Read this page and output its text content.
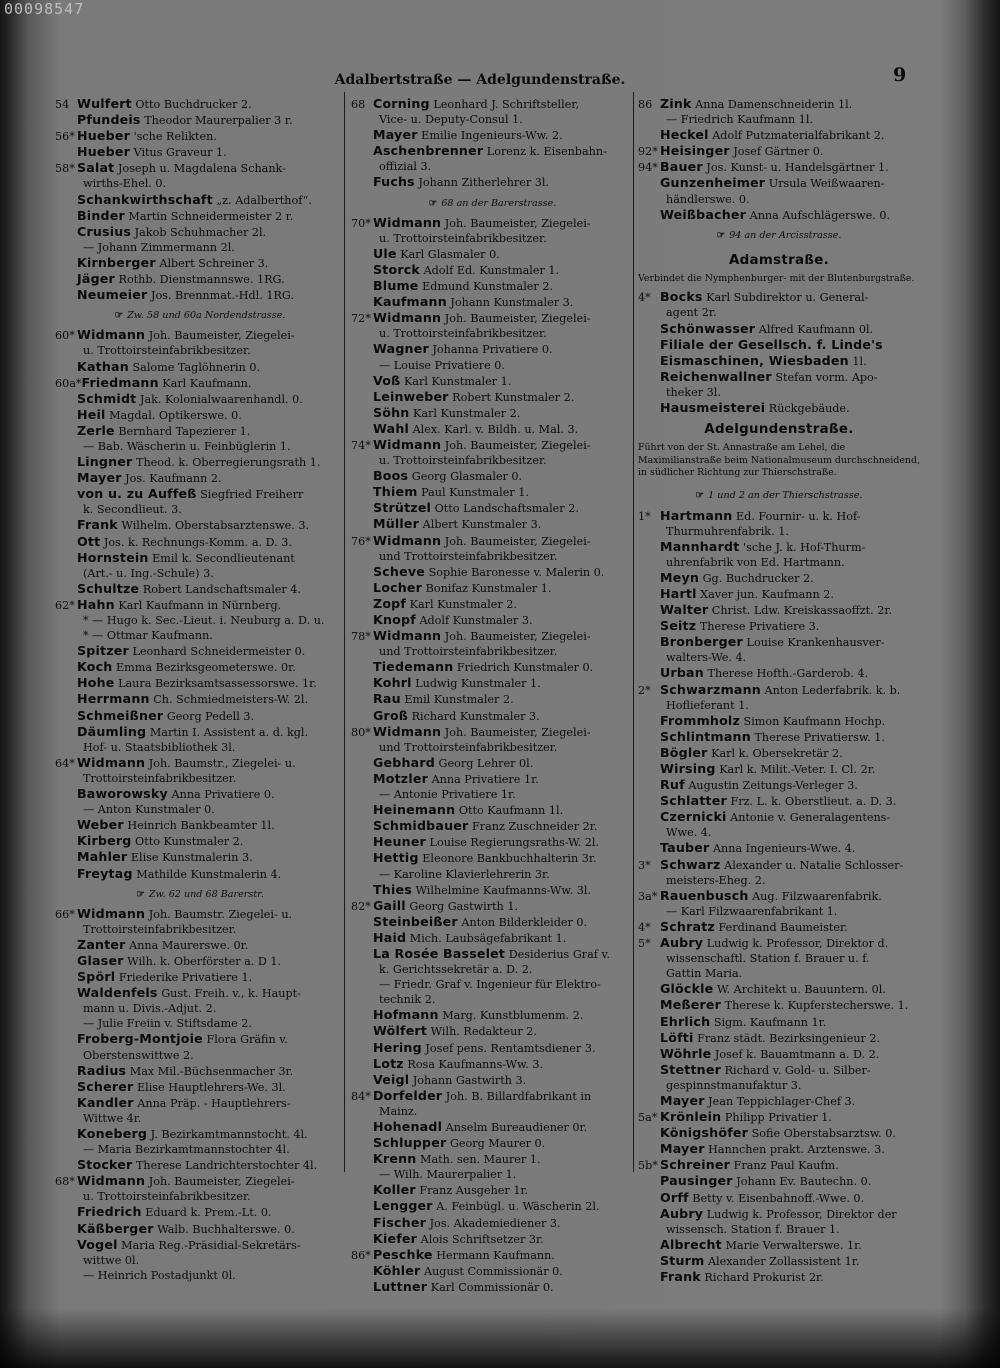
00098547
Adalbertstraße — Adelgundenstraße.	9
54 Wulfert Otto Buchdrucker 2.
Pfundeis Theodor Maurerpalier 3 r.
56* Hueber 'sche Relikten.
Hueber Vitus Graveur 1.
58* Salat Joseph u. Magdalena Schank-
wirths-Ehel. 0.
Schankwirthschaft „z. Adalberthof“.
Binder Martin Schneidermeister 2 r.
Crusius Jakob Schuhmacher 2l.
— Johann Zimmermann 2l.
Kirnberger Albert Schreiner 3.
Jäger Rothb. Dienstmannswe. 1RG.
Neumeier Jos. Brennmat.-Hdl. 1RG.
☞ Zw. 58 und 60a Nordendstrasse.
60* Widmann Joh. Baumeister, Ziegelei-
u. Trottoirsteinfabrikbesitzer.
Kathan Salome Taglöhnerin 0.
60a*Friedmann Karl Kaufmann.
Schmidt Jak. Kolonialwaarenhandl. 0.
Heil Magdal. Optikerswe. 0.
Zerle Bernhard Tapezierer 1.
— Bab. Wäscherin u. Feinbüglerin 1.
Lingner Theod. k. Oberregierungsrath 1.
Mayer Jos. Kaufmann 2.
von u. zu Auffeß Siegfried Freiherr
k. Secondlieut. 3.
Frank Wilhelm. Oberstabsarztenswe. 3.
Ott Jos. k. Rechnungs-Komm. a. D. 3.
Hornstein Emil k. Secondlieutenant
(Art.- u. Ing.-Schule) 3.
Schultze Robert Landschaftsmaler 4.
62* Hahn Karl Kaufmann in Nürnberg.
* — Hugo k. Sec.-Lieut. i. Neuburg a. D. u.
* — Ottmar Kaufmann.
Spitzer Leonhard Schneidermeister 0.
Koch Emma Bezirksgeometerswe. 0r.
Hohe Laura Bezirksamtsassessorswe. 1r.
Herrmann Ch. Schmiedmeisters-W. 2l.
Schmeißner Georg Pedell 3.
Däumling Martin I. Assistent a. d. kgl.
Hof- u. Staatsbibliothek 3l.
64* Widmann Joh. Baumstr., Ziegelei- u.
Trottoirsteinfabrikbesitzer.
Baworowsky Anna Privatiere 0.
— Anton Kunstmaler 0.
Weber Heinrich Bankbeamter 1l.
Kirberg Otto Kunstmaler 2.
Mahler Elise Kunstmalerin 3.
Freytag Mathilde Kunstmalerin 4.
☞ Zw. 62 und 68 Barerstr.
66* Widmann Joh. Baumstr. Ziegelei- u.
Trottoirsteinfabrikbesitzer.
Zanter Anna Maurerswe. 0r.
Glaser Wilh. k. Oberförster a. D 1.
Spörl Friederike Privatiere 1.
Waldenfels Gust. Freih. v., k. Haupt-
mann u. Divis.-Adjut. 2.
— Julie Freiin v. Stiftsdame 2.
Froberg-Montjoie Flora Gräfin v.
Oberstenswittwe 2.
Radius Max Mil.-Büchsenmacher 3r.
Scherer Elise Hauptlehrers-We. 3l.
Kandler Anna Präp. - Hauptlehrers-
Wittwe 4r.
Koneberg J. Bezirkamtmannstocht. 4l.
— Maria Bezirkamtmannstochter 4l.
Stocker Therese Landrichterstochter 4l.
68* Widmann Joh. Baumeister, Ziegelei-
u. Trottoirsteinfabrikbesitzer.
Friedrich Eduard k. Prem.-Lt. 0.
Käßberger Walb. Buchhalterswe. 0.
Vogel Maria Reg.-Präsidial-Sekretärs-
wittwe 0l.
— Heinrich Postadjunkt 0l.
68 Corning Leonhard J. Schriftsteller,
Vice- u. Deputy-Consul 1.
Mayer Emilie Ingenieurs-Ww. 2.
Aschenbrenner Lorenz k. Eisenbahn-
offizial 3.
Fuchs Johann Zitherlehrer 3l.
☞ 68 an der Barerstrasse.
70* Widmann Joh. Baumeister, Ziegelei-
u. Trottoirsteinfabrikbesitzer.
Ule Karl Glasmaler 0.
Storck Adolf Ed. Kunstmaler 1.
Blume Edmund Kunstmaler 2.
Kaufmann Johann Kunstmaler 3.
72* Widmann Joh. Baumeister, Ziegelei-
u. Trottoirsteinfabrikbesitzer.
Wagner Johanna Privatiere 0.
— Louise Privatiere 0.
Voß Karl Kunstmaler 1.
Leinweber Robert Kunstmaler 2.
Söhn Karl Kunstmaler 2.
Wahl Alex. Karl. v. Bildh. u. Mal. 3.
74* Widmann Joh. Baumeister, Ziegelei-
u. Trottoirsteinfabrikbesitzer.
Boos Georg Glasmaler 0.
Thiem Paul Kunstmaler 1.
Strützel Otto Landschaftsmaler 2.
Müller Albert Kunstmaler 3.
76* Widmann Joh. Baumeister, Ziegelei-
und Trottoirsteinfabrikbesitzer.
Scheve Sophie Baronesse v. Malerin 0.
Locher Bonifaz Kunstmaler 1.
Zopf Karl Kunstmaler 2.
Knopf Adolf Kunstmaler 3.
78* Widmann Joh. Baumeister, Ziegelei-
und Trottoirsteinfabrikbesitzer.
Tiedemann Friedrich Kunstmaler 0.
Kohrl Ludwig Kunstmaler 1.
Rau Emil Kunstmaler 2.
Groß Richard Kunstmaler 3.
80* Widmann Joh. Baumeister, Ziegelei-
und Trottoirsteinfabrikbesitzer.
Gebhard Georg Lehrer 0l.
Motzler Anna Privatiere 1r.
— Antonie Privatiere 1r.
Heinemann Otto Kaufmann 1l.
Schmidbauer Franz Zuschneider 2r.
Heuner Louise Regierungsraths-W. 2l.
Hettig Eleonore Bankbuchhalterin 3r.
— Karoline Klavierlehrerin 3r.
Thies Wilhelmine Kaufmanns-Ww. 3l.
82* Gaill Georg Gastwirth 1.
Steinbeißer Anton Bilderkleider 0.
Haid Mich. Laubsägefabrikant 1.
La Rosée Basselet Desiderius Graf v.
k. Gerichtssekretär a. D. 2.
— Friedr. Graf v. Ingenieur für Elektro-
technik 2.
Hofmann Marg. Kunstblumenm. 2.
Wölfert Wilh. Redakteur 2.
Hering Josef pens. Rentamtsdiener 3.
Lotz Rosa Kaufmanns-Ww. 3.
Veigl Johann Gastwirth 3.
84* Dorfelder Joh. B. Billardfabrikant in
Mainz.
Hohenadl Anselm Bureaudiener 0r.
Schlupper Georg Maurer 0.
Krenn Math. sen. Maurer 1.
— Wilh. Maurerpalier 1.
Koller Franz Ausgeher 1r.
Lengger A. Feinbügl. u. Wäscherin 2l.
Fischer Jos. Akademiediener 3.
Kiefer Alois Schriftsetzer 3r.
86* Peschke Hermann Kaufmann.
Köhler August Commissionär 0.
Luttner Karl Commissionär 0.
86 Zink Anna Damenschneiderin 1l.
— Friedrich Kaufmann 1l.
Heckel Adolf Putzmaterialfabrikant 2.
92* Heisinger Josef Gärtner 0.
94* Bauer Jos. Kunst- u. Handelsgärtner 1.
Gunzenheimer Ursula Weißwaaren-
händlerswe. 0.
Weißbacher Anna Aufschlägerswe. 0.
☞ 94 an der Arcisstrasse.
Adamstraße.
Verbindet die Nymphenburger- mit der Blutenburgstraße.
4* Bocks Karl Subdirektor u. General-
agent 2r.
Schönwasser Alfred Kaufmann 0l.
Filiale der Gesellsch. f. Linde's
Eismaschinen, Wiesbaden 1l.
Reichenwallner Stefan vorm. Apo-
theker 3l.
Hausmeisterei Rückgebäude.
Adelgundenstraße.
Führt von der St. Annastraße am Lehel, die Maximilianstraße beim Nationalmuseum durchschneidend, in südlicher Richtung zur Thierschstraße.
☞ 1 und 2 an der Thierschstrasse.
1* Hartmann Ed. Fournir- u. k. Hof-
Thurmuhrenfabrik. 1.
Mannhardt 'sche J. k. Hof-Thurm-
uhrenfabrik von Ed. Hartmann.
Meyn Gg. Buchdrucker 2.
Hartl Xaver jun. Kaufmann 2.
Walter Christ. Ldw. Kreiskassaoffzt. 2r.
Seitz Therese Privatiere 3.
Bronberger Louise Krankenhausver-
walters-We. 4.
Urban Therese Hofth.-Garderob. 4.
2* Schwarzmann Anton Lederfabrik. k. b.
Hoflieferant 1.
Frommholz Simon Kaufmann Hochp.
Schlintmann Therese Privatiersw. 1.
Bögler Karl k. Obersekretär 2.
Wirsing Karl k. Milit.-Veter. I. Cl. 2r.
Ruf Augustin Zeitungs-Verleger 3.
Schlatter Frz. L. k. Oberstlieut. a. D. 3.
Czernicki Antonie v. Generalagentens-
Wwe. 4.
Tauber Anna Ingenieurs-Wwe. 4.
3* Schwarz Alexander u. Natalie Schlosser-
meisters-Eheg. 2.
3a* Rauenbusch Aug. Filzwaarenfabrik.
— Karl Filzwaarenfabrikant 1.
4* Schratz Ferdinand Baumeister.
5* Aubry Ludwig k. Professor, Direktor d.
wissenschaftl. Station f. Brauer u. f.
Gattin Maria.
Glöckle W. Architekt u. Bauuntern. 0l.
Meßerer Therese k. Kupferstecherswe. 1.
Ehrlich Sigm. Kaufmann 1r.
Löfti Franz städt. Bezirksingenieur 2.
Wöhrle Josef k. Bauamtmann a. D. 2.
Stettner Richard v. Gold- u. Silber-
gespinnstmanufaktur 3.
Mayer Jean Teppichlager-Chef 3.
5a* Krönlein Philipp Privatier 1.
Königshöfer Sofie Oberstabsarztsw. 0.
Mayer Hannchen prakt. Arztenswe. 3.
5b* Schreiner Franz Paul Kaufm.
Pausinger Johann Ev. Bautechn. 0.
Orff Betty v. Eisenbahnoff.-Wwe. 0.
Aubry Ludwig k. Professor, Direktor der
wissensch. Station f. Brauer 1.
Albrecht Marie Verwalterswe. 1r.
Sturm Alexander Zollassistent 1r.
Frank Richard Prokurist 2r.
